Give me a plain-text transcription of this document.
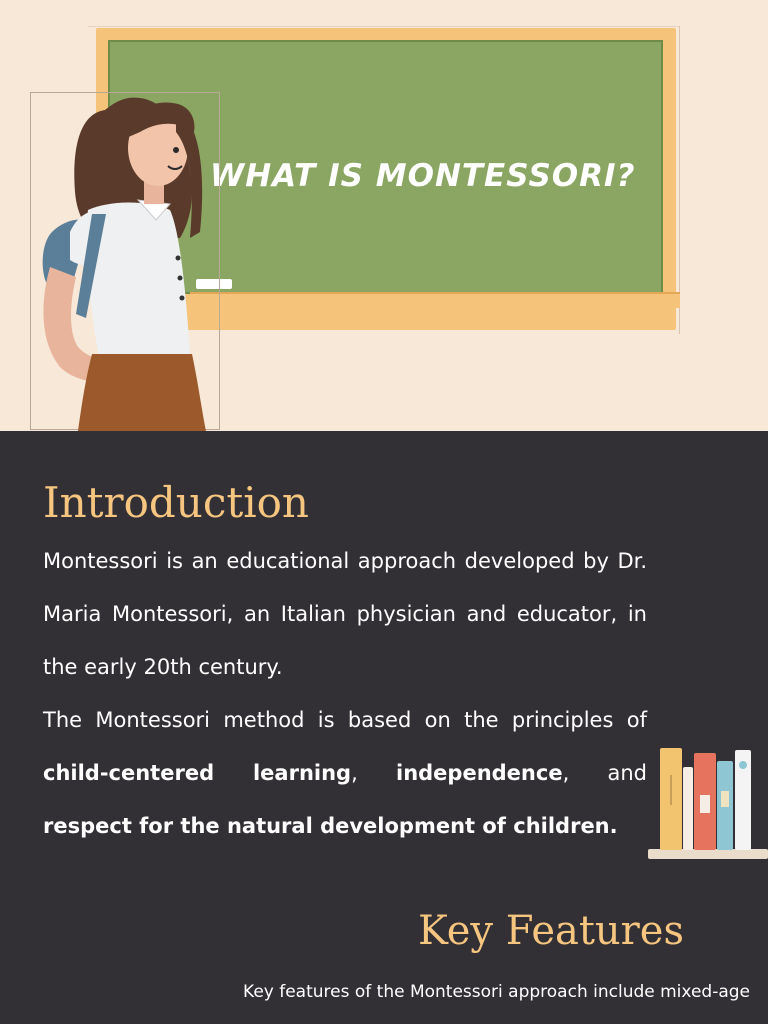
WHAT IS MONTESSORI?
Introduction

Montessori is an educational approach developed by Dr. Maria Montessori, an Italian physician and educator, in the early 20th century.

The Montessori method is based on the principles of child-centered learning, independence, and respect for the natural development of children.

Key Features

Key features of the Montessori approach include mixed-age
